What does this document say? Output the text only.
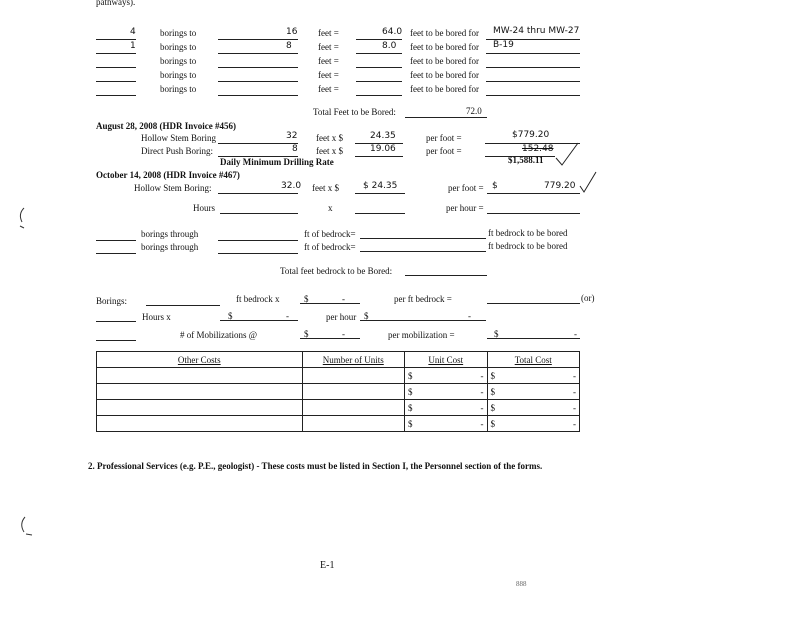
pathways).
4	borings to	16 feet =	64.0 feet to be bored for MW-24 thru MW-27
1	borings to	8	feet =	8.0 feet to be bored for B-19
borings to	feet =	feet to be bored for
borings to	feet =	feet to be bored for
borings to	feet =	feet to be bored for
Total Feet to be Bored:	72.0
August 28, 2008 (HDR Invoice #456)
Hollow Stem Boring	32 feet x $	24.35	per foot =	$779.20
Direct Push Boring:	8 feet x $	19.06	per foot =	152.48
Daily Minimum Drilling Rate	$1,588.11
October 14, 2008 (HDR Invoice #467)
Hollow Stem Boring:	32.0 feet x $	$ 24.35	per foot = $	779.20
Hours	x	per hour =
borings through	ft of bedrock=	ft bedrock to be bored
borings through	ft of bedrock=	ft bedrock to be bored
Total feet bedrock to be Bored:
Borings:	ft bedrock x	$	-	per ft bedrock =	(or)
Hours x	$	-	per hour $	-
# of Mobilizations @	$	-	per mobilization =	$	-
Other Costs	Number of Units	Unit Cost	Total Cost
		$ -	$ -

		$ -	$ -

		$ -	$ -

		$ -	$ -
2. Professional Services (e.g. P.E., geologist) - These costs must be listed in Section I, the Personnel section of the forms.
E-1
888
